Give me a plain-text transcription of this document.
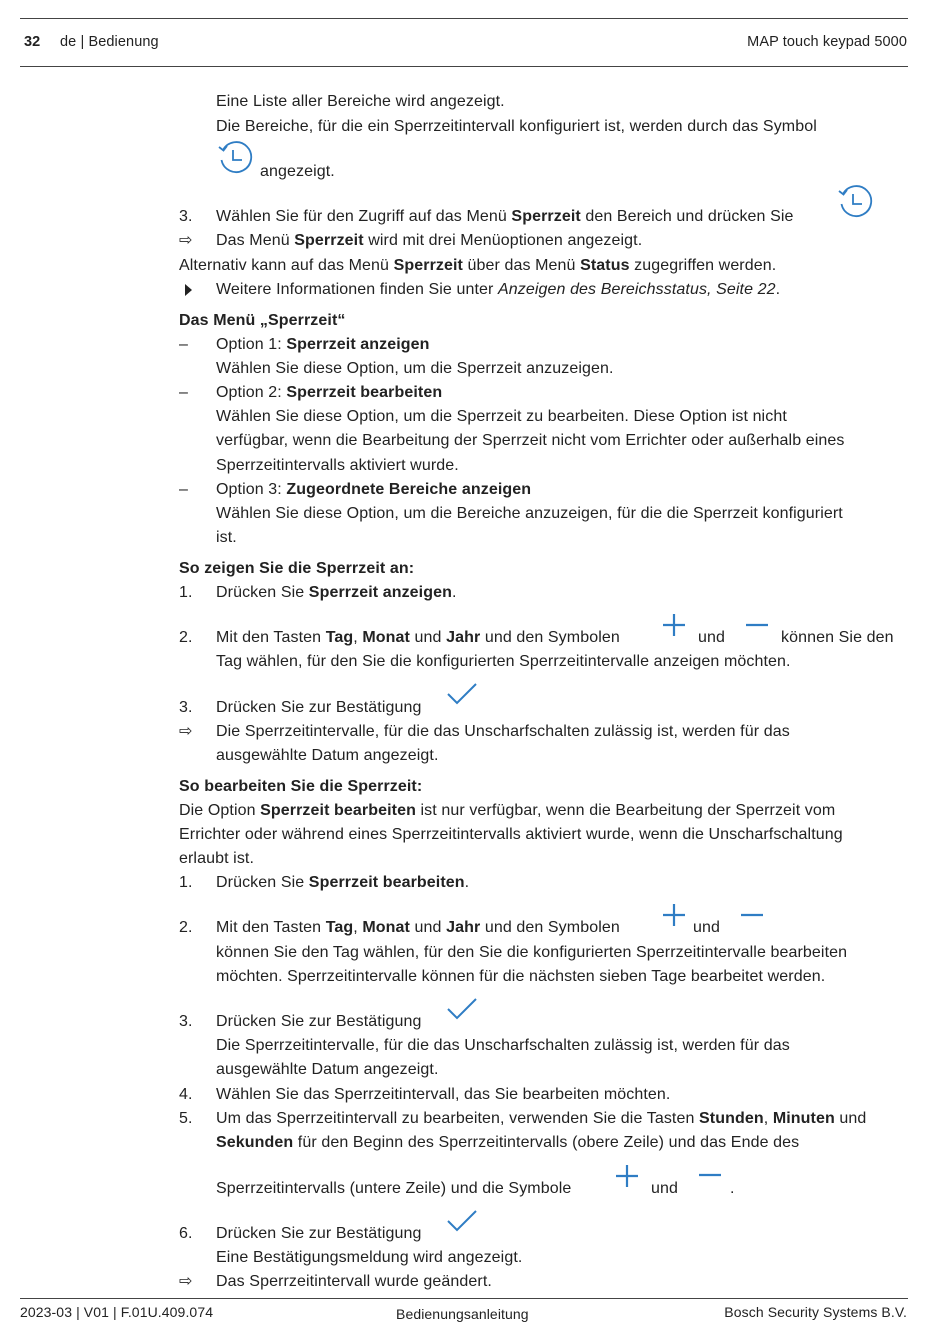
32 de | Bedienung	MAP touch keypad 5000
Eine Liste aller Bereiche wird angezeigt.
Die Bereiche, für die ein Sperrzeitintervall konfiguriert ist, werden durch das Symbol
angezeigt.
3. Wählen Sie für den Zugriff auf das Menü Sperrzeit den Bereich und drücken Sie
⇨ Das Menü Sperrzeit wird mit drei Menüoptionen angezeigt.
Alternativ kann auf das Menü Sperrzeit über das Menü Status zugegriffen werden.
Weitere Informationen finden Sie unter Anzeigen des Bereichsstatus, Seite 22.
Das Menü „Sperrzeit“
– Option 1: Sperrzeit anzeigen
Wählen Sie diese Option, um die Sperrzeit anzuzeigen.
– Option 2: Sperrzeit bearbeiten
Wählen Sie diese Option, um die Sperrzeit zu bearbeiten. Diese Option ist nicht
verfügbar, wenn die Bearbeitung der Sperrzeit nicht vom Errichter oder außerhalb eines
Sperrzeitintervalls aktiviert wurde.
– Option 3: Zugeordnete Bereiche anzeigen
Wählen Sie diese Option, um die Bereiche anzuzeigen, für die die Sperrzeit konfiguriert
ist.
So zeigen Sie die Sperrzeit an:
1. Drücken Sie Sperrzeit anzeigen.
2. Mit den Tasten Tag, Monat und Jahr und den Symbolen	und	können Sie den
Tag wählen, für den Sie die konfigurierten Sperrzeitintervalle anzeigen möchten.
3. Drücken Sie zur Bestätigung
⇨ Die Sperrzeitintervalle, für die das Unscharfschalten zulässig ist, werden für das
ausgewählte Datum angezeigt.
So bearbeiten Sie die Sperrzeit:
Die Option Sperrzeit bearbeiten ist nur verfügbar, wenn die Bearbeitung der Sperrzeit vom
Errichter oder während eines Sperrzeitintervalls aktiviert wurde, wenn die Unscharfschaltung
erlaubt ist.
1. Drücken Sie Sperrzeit bearbeiten.
2. Mit den Tasten Tag, Monat und Jahr und den Symbolen	und
können Sie den Tag wählen, für den Sie die konfigurierten Sperrzeitintervalle bearbeiten
möchten. Sperrzeitintervalle können für die nächsten sieben Tage bearbeitet werden.
3. Drücken Sie zur Bestätigung
Die Sperrzeitintervalle, für die das Unscharfschalten zulässig ist, werden für das
ausgewählte Datum angezeigt.
4. Wählen Sie das Sperrzeitintervall, das Sie bearbeiten möchten.
5. Um das Sperrzeitintervall zu bearbeiten, verwenden Sie die Tasten Stunden, Minuten und
Sekunden für den Beginn des Sperrzeitintervalls (obere Zeile) und das Ende des
Sperrzeitintervalls (untere Zeile) und die Symbole	und	.
6. Drücken Sie zur Bestätigung
Eine Bestätigungsmeldung wird angezeigt.
⇨ Das Sperrzeitintervall wurde geändert.
2023-03 | V01 | F.01U.409.074	Bedienungsanleitung	Bosch Security Systems B.V.
